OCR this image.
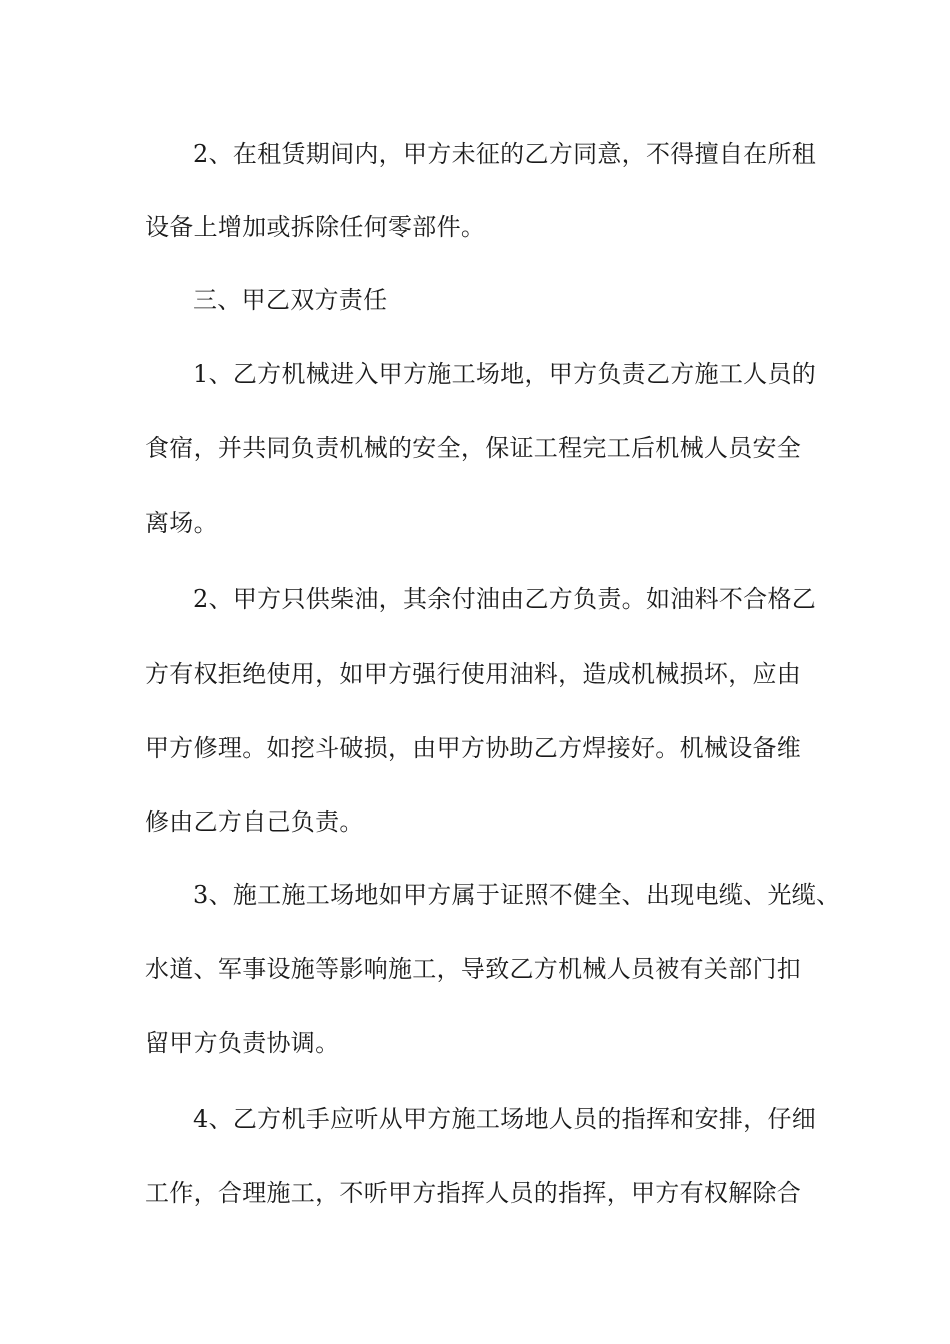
2、在租赁期间内，甲方未征的乙方同意，不得擅自在所租
设备上增加或拆除任何零部件。
三、甲乙双方责任
1、乙方机械进入甲方施工场地，甲方负责乙方施工人员的
食宿，并共同负责机械的安全，保证工程完工后机械人员安全
离场。
2、甲方只供柴油，其余付油由乙方负责。如油料不合格乙
方有权拒绝使用，如甲方强行使用油料，造成机械损坏，应由
甲方修理。如挖斗破损，由甲方协助乙方焊接好。机械设备维
修由乙方自己负责。
3、施工施工场地如甲方属于证照不健全、出现电缆、光缆、
水道、军事设施等影响施工，导致乙方机械人员被有关部门扣
留甲方负责协调。
4、乙方机手应听从甲方施工场地人员的指挥和安排，仔细
工作，合理施工，不听甲方指挥人员的指挥，甲方有权解除合
